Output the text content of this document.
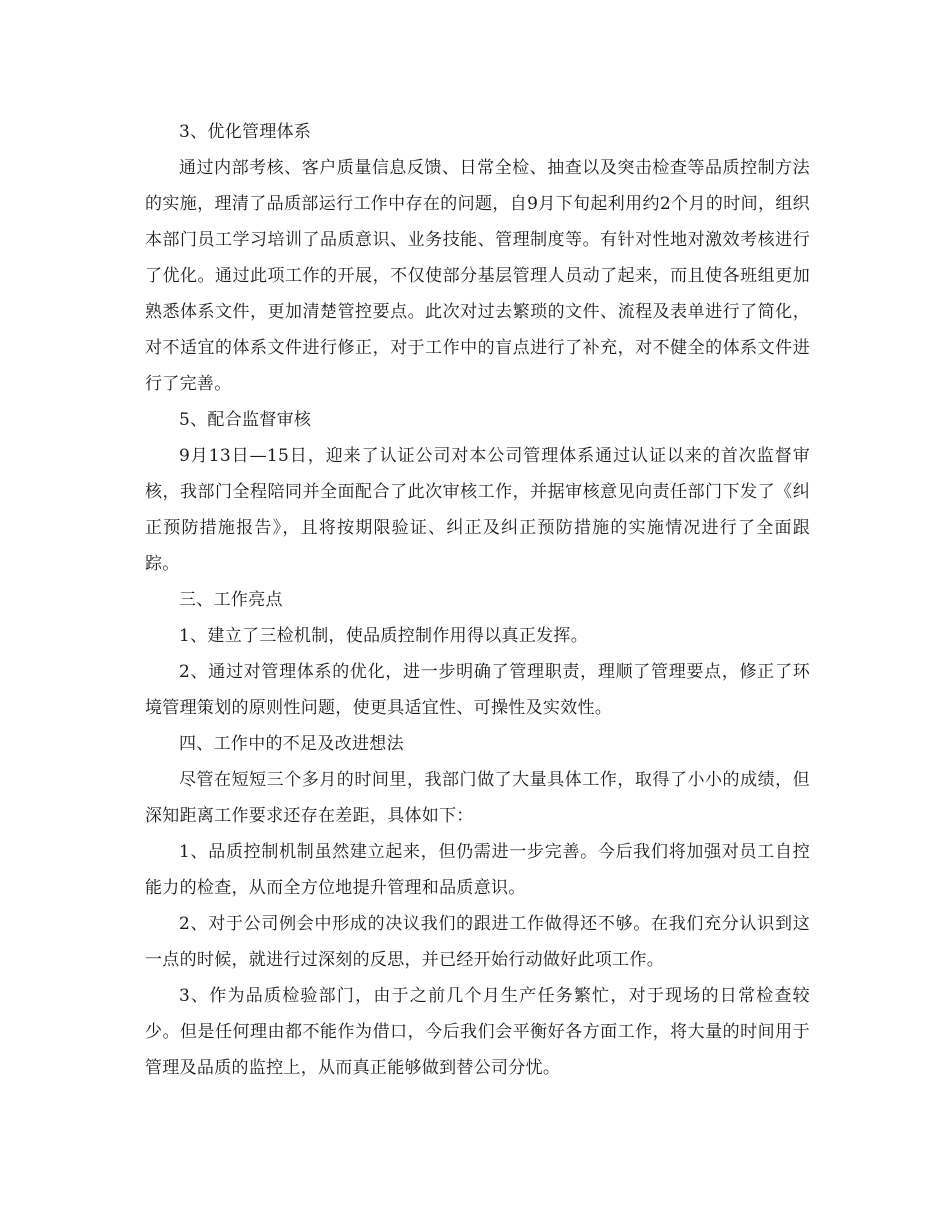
3、优化管理体系

通过内部考核、客户质量信息反馈、日常全检、抽查以及突击检查等品质控制方法的实施，理清了品质部运行工作中存在的问题，自9月下旬起利用约2个月的时间，组织本部门员工学习培训了品质意识、业务技能、管理制度等。有针对性地对激效考核进行了优化。通过此项工作的开展，不仅使部分基层管理人员动了起来，而且使各班组更加熟悉体系文件，更加清楚管控要点。此次对过去繁琐的文件、流程及表单进行了简化，对不适宜的体系文件进行修正，对于工作中的盲点进行了补充，对不健全的体系文件进行了完善。

5、配合监督审核

9月13日—15日，迎来了认证公司对本公司管理体系通过认证以来的首次监督审核，我部门全程陪同并全面配合了此次审核工作，并据审核意见向责任部门下发了《纠正预防措施报告》，且将按期限验证、纠正及纠正预防措施的实施情况进行了全面跟踪。

三、工作亮点

1、建立了三检机制，使品质控制作用得以真正发挥。

2、通过对管理体系的优化，进一步明确了管理职责，理顺了管理要点，修正了环境管理策划的原则性问题，使更具适宜性、可操性及实效性。

四、工作中的不足及改进想法

尽管在短短三个多月的时间里，我部门做了大量具体工作，取得了小小的成绩，但深知距离工作要求还存在差距，具体如下：

1、品质控制机制虽然建立起来，但仍需进一步完善。今后我们将加强对员工自控能力的检查，从而全方位地提升管理和品质意识。

2、对于公司例会中形成的决议我们的跟进工作做得还不够。在我们充分认识到这一点的时候，就进行过深刻的反思，并已经开始行动做好此项工作。

3、作为品质检验部门，由于之前几个月生产任务繁忙，对于现场的日常检查较少。但是任何理由都不能作为借口，今后我们会平衡好各方面工作，将大量的时间用于管理及品质的监控上，从而真正能够做到替公司分忧。
